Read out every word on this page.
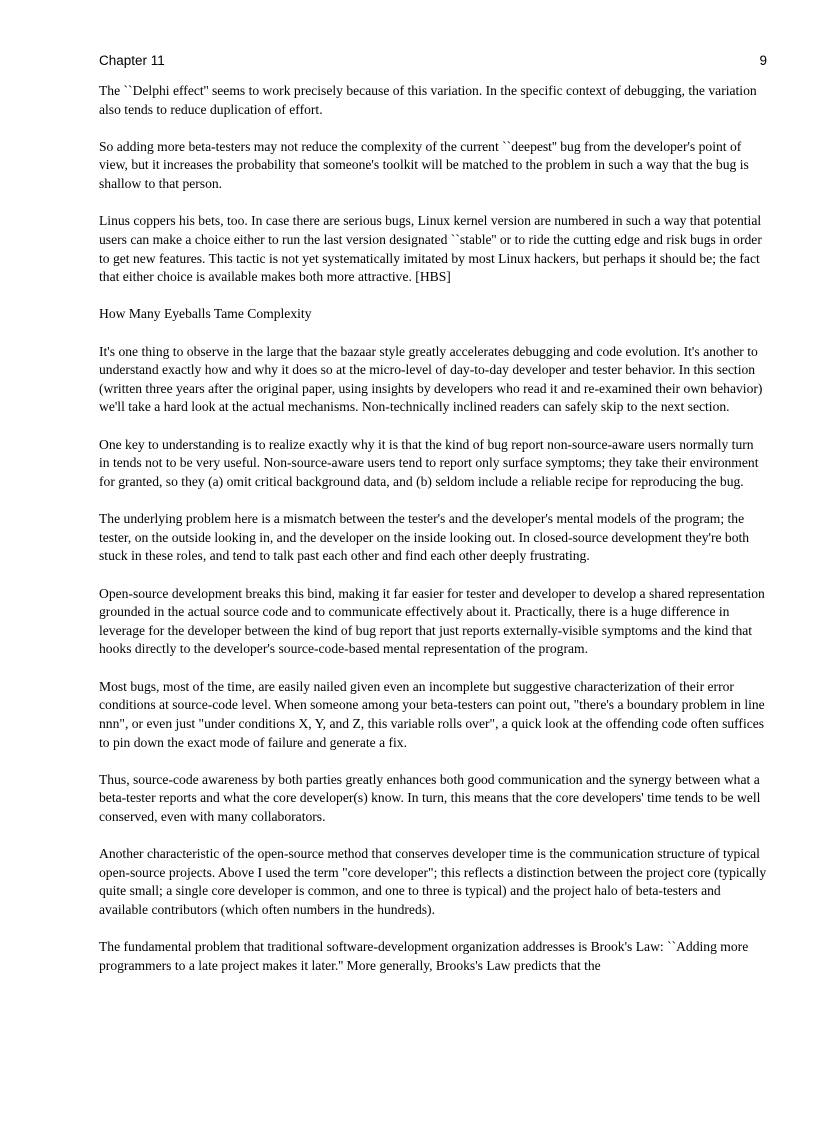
Chapter 11	9

The ``Delphi effect'' seems to work precisely because of this variation. In the specific context of debugging, the variation also tends to reduce duplication of effort.

So adding more beta-testers may not reduce the complexity of the current ``deepest'' bug from the developer's point of view, but it increases the probability that someone's toolkit will be matched to the problem in such a way that the bug is shallow to that person.

Linus coppers his bets, too. In case there are serious bugs, Linux kernel version are numbered in such a way that potential users can make a choice either to run the last version designated ``stable'' or to ride the cutting edge and risk bugs in order to get new features. This tactic is not yet systematically imitated by most Linux hackers, but perhaps it should be; the fact that either choice is available makes both more attractive. [HBS]

How Many Eyeballs Tame Complexity

It's one thing to observe in the large that the bazaar style greatly accelerates debugging and code evolution. It's another to understand exactly how and why it does so at the micro-level of day-to-day developer and tester behavior. In this section (written three years after the original paper, using insights by developers who read it and re-examined their own behavior) we'll take a hard look at the actual mechanisms. Non-technically inclined readers can safely skip to the next section.

One key to understanding is to realize exactly why it is that the kind of bug report non-source-aware users normally turn in tends not to be very useful. Non-source-aware users tend to report only surface symptoms; they take their environment for granted, so they (a) omit critical background data, and (b) seldom include a reliable recipe for reproducing the bug.

The underlying problem here is a mismatch between the tester's and the developer's mental models of the program; the tester, on the outside looking in, and the developer on the inside looking out. In closed-source development they're both stuck in these roles, and tend to talk past each other and find each other deeply frustrating.

Open-source development breaks this bind, making it far easier for tester and developer to develop a shared representation grounded in the actual source code and to communicate effectively about it. Practically, there is a huge difference in leverage for the developer between the kind of bug report that just reports externally-visible symptoms and the kind that hooks directly to the developer's source-code-based mental representation of the program.

Most bugs, most of the time, are easily nailed given even an incomplete but suggestive characterization of their error conditions at source-code level. When someone among your beta-testers can point out, "there's a boundary problem in line nnn", or even just "under conditions X, Y, and Z, this variable rolls over", a quick look at the offending code often suffices to pin down the exact mode of failure and generate a fix.

Thus, source-code awareness by both parties greatly enhances both good communication and the synergy between what a beta-tester reports and what the core developer(s) know. In turn, this means that the core developers' time tends to be well conserved, even with many collaborators.

Another characteristic of the open-source method that conserves developer time is the communication structure of typical open-source projects. Above I used the term "core developer"; this reflects a distinction between the project core (typically quite small; a single core developer is common, and one to three is typical) and the project halo of beta-testers and available contributors (which often numbers in the hundreds).

The fundamental problem that traditional software-development organization addresses is Brook's Law: ``Adding more programmers to a late project makes it later.'' More generally, Brooks's Law predicts that the
